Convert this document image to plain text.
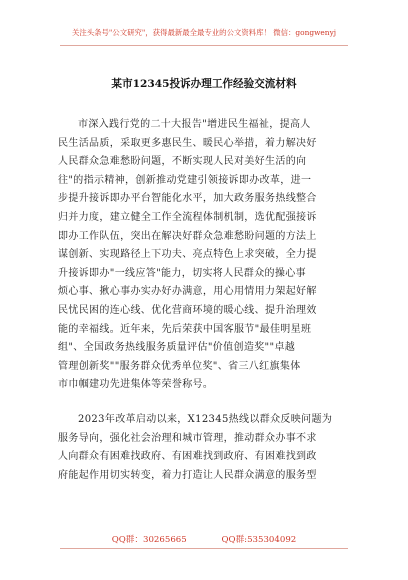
关注头条号"公文研究"，获得最新最全最专业的公文资料库！ 微信：gongwenyj
某市12345投诉办理工作经验交流材料
市深入践行党的二十大报告"增进民生福祉，提高人
民生活品质，采取更多惠民生、暖民心举措，着力解决好
人民群众急难愁盼问题，不断实现人民对美好生活的向
往"的指示精神，创新推动党建引领接诉即办改革，进一
步提升接诉即办平台智能化水平，加大政务服务热线整合
归并力度，建立健全工作全流程体制机制，选优配强接诉
即办工作队伍，突出在解决好群众急难愁盼问题的方法上
谋创新、实现路径上下功夫、亮点特色上求突破，全力提
升接诉即办"一线应答"能力，切实将人民群众的操心事
烦心事、揪心事办实办好办满意，用心用情用力架起好解
民忧民困的连心线、优化营商环境的暖心线、提升治理效
能的幸福线。近年来，先后荣获中国客服节"最佳明星班
组"、全国政务热线服务质量评估"价值创造奖""卓越
管理创新奖""服务群众优秀单位奖"、省三八红旗集体
市巾帼建功先进集体等荣誉称号。
2023年改革启动以来，X12345热线以群众反映问题为
服务导向，强化社会治理和城市管理，推动群众办事不求
人向群众有困难找政府、有困难找到政府、有困难找到政
府能起作用切实转变，着力打造让人民群众满意的服务型
QQ群：30265665	QQ群:535304092
